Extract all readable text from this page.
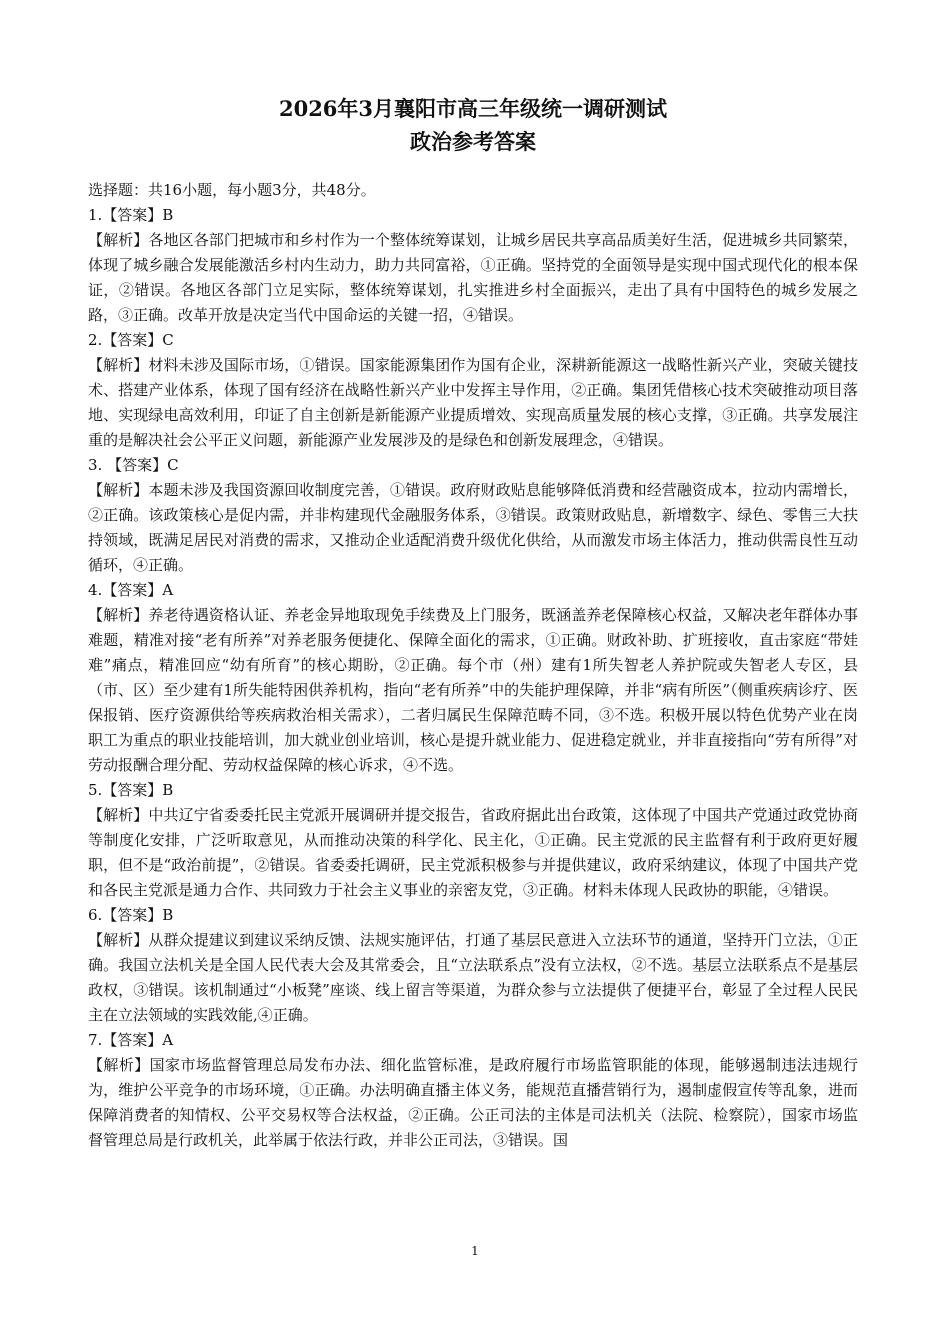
2026年3月襄阳市高三年级统一调研测试
政治参考答案

选择题：共16小题，每小题3分，共48分。

1.【答案】B

【解析】各地区各部门把城市和乡村作为一个整体统筹谋划，让城乡居民共享高品质美好生活，促进城乡共同繁荣，体现了城乡融合发展能激活乡村内生动力，助力共同富裕，①正确。坚持党的全面领导是实现中国式现代化的根本保证，②错误。各地区各部门立足实际，整体统筹谋划，扎实推进乡村全面振兴，走出了具有中国特色的城乡发展之路，③正确。改革开放是决定当代中国命运的关键一招，④错误。

2.【答案】C

【解析】材料未涉及国际市场，①错误。国家能源集团作为国有企业，深耕新能源这一战略性新兴产业，突破关键技术、搭建产业体系，体现了国有经济在战略性新兴产业中发挥主导作用，②正确。集团凭借核心技术突破推动项目落地、实现绿电高效利用，印证了自主创新是新能源产业提质增效、实现高质量发展的核心支撑，③正确。共享发展注重的是解决社会公平正义问题，新能源产业发展涉及的是绿色和创新发展理念，④错误。

3. 【答案】C

【解析】本题未涉及我国资源回收制度完善，①错误。政府财政贴息能够降低消费和经营融资成本，拉动内需增长，②正确。该政策核心是促内需，并非构建现代金融服务体系，③错误。政策财政贴息，新增数字、绿色、零售三大扶持领域，既满足居民对消费的需求，又推动企业适配消费升级优化供给，从而激发市场主体活力，推动供需良性互动循环，④正确。

4.【答案】A

【解析】养老待遇资格认证、养老金异地取现免手续费及上门服务，既涵盖养老保障核心权益，又解决老年群体办事难题，精准对接“老有所养”对养老服务便捷化、保障全面化的需求，①正确。财政补助、扩班接收，直击家庭“带娃难”痛点，精准回应“幼有所育”的核心期盼，②正确。每个市（州）建有1所失智老人养护院或失智老人专区，县（市、区）至少建有1所失能特困供养机构，指向“老有所养”中的失能护理保障，并非“病有所医”（侧重疾病诊疗、医保报销、医疗资源供给等疾病救治相关需求），二者归属民生保障范畴不同，③不选。积极开展以特色优势产业在岗职工为重点的职业技能培训，加大就业创业培训，核心是提升就业能力、促进稳定就业，并非直接指向“劳有所得”对劳动报酬合理分配、劳动权益保障的核心诉求，④不选。

5.【答案】B

【解析】中共辽宁省委委托民主党派开展调研并提交报告，省政府据此出台政策，这体现了中国共产党通过政党协商等制度化安排，广泛听取意见，从而推动决策的科学化、民主化，①正确。民主党派的民主监督有利于政府更好履职，但不是“政治前提”，②错误。省委委托调研，民主党派积极参与并提供建议，政府采纳建议，体现了中国共产党和各民主党派是通力合作、共同致力于社会主义事业的亲密友党，③正确。材料未体现人民政协的职能，④错误。

6.【答案】B

【解析】从群众提建议到建议采纳反馈、法规实施评估，打通了基层民意进入立法环节的通道，坚持开门立法，①正确。我国立法机关是全国人民代表大会及其常委会，且“立法联系点”没有立法权，②不选。基层立法联系点不是基层政权，③错误。该机制通过“小板凳”座谈、线上留言等渠道，为群众参与立法提供了便捷平台，彰显了全过程人民民主在立法领域的实践效能,④正确。

7.【答案】A

【解析】国家市场监督管理总局发布办法、细化监管标准，是政府履行市场监管职能的体现，能够遏制违法违规行为，维护公平竞争的市场环境，①正确。办法明确直播主体义务，能规范直播营销行为，遏制虚假宣传等乱象，进而保障消费者的知情权、公平交易权等合法权益，②正确。公正司法的主体是司法机关（法院、检察院），国家市场监督管理总局是行政机关，此举属于依法行政，并非公正司法，③错误。国

1
